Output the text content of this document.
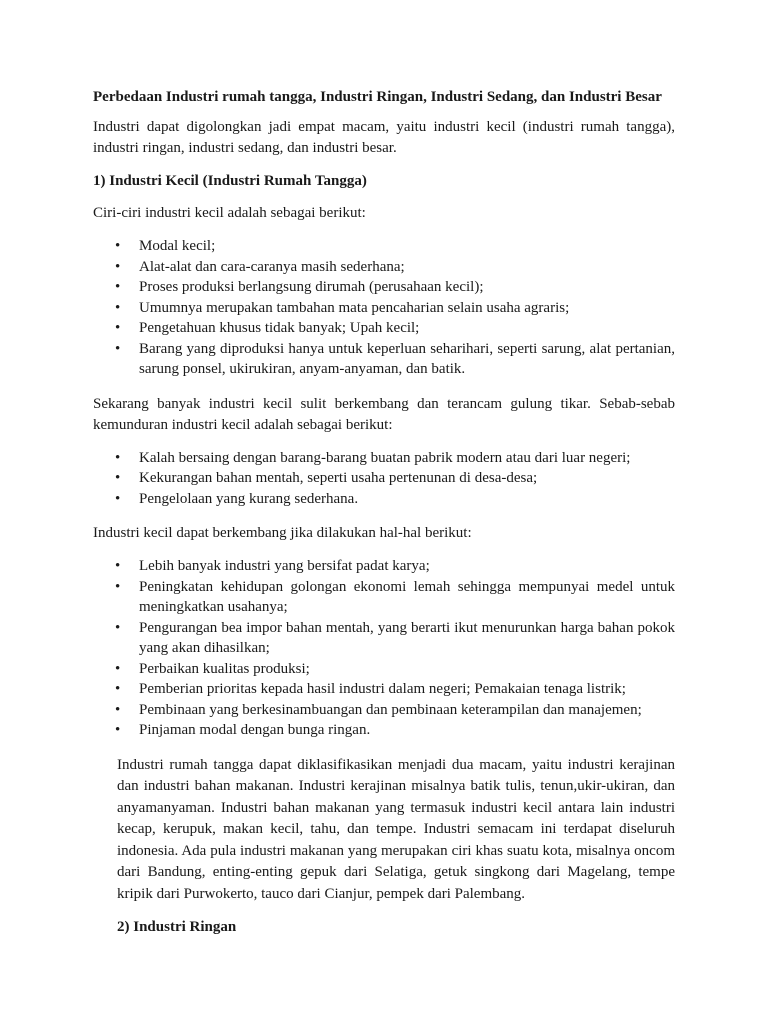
Perbedaan Industri rumah tangga, Industri Ringan, Industri Sedang, dan Industri Besar

Industri dapat digolongkan jadi empat macam, yaitu industri kecil (industri rumah tangga), industri ringan, industri sedang, dan industri besar.

1) Industri Kecil (Industri Rumah Tangga)

Ciri-ciri industri kecil adalah sebagai berikut:

• Modal kecil;
• Alat-alat dan cara-caranya masih sederhana;
• Proses produksi berlangsung dirumah (perusahaan kecil);
• Umumnya merupakan tambahan mata pencaharian selain usaha agraris;
• Pengetahuan khusus tidak banyak; Upah kecil;
• Barang yang diproduksi hanya untuk keperluan seharihari, seperti sarung, alat pertanian, sarung ponsel, ukirukiran, anyam-anyaman, dan batik.

Sekarang banyak industri kecil sulit berkembang dan terancam gulung tikar. Sebab-sebab kemunduran industri kecil adalah sebagai berikut:

• Kalah bersaing dengan barang-barang buatan pabrik modern atau dari luar negeri;
• Kekurangan bahan mentah, seperti usaha pertenunan di desa-desa;
• Pengelolaan yang kurang sederhana.

Industri kecil dapat berkembang jika dilakukan hal-hal berikut:

• Lebih banyak industri yang bersifat padat karya;
• Peningkatan kehidupan golongan ekonomi lemah sehingga mempunyai medel untuk meningkatkan usahanya;
• Pengurangan bea impor bahan mentah, yang berarti ikut menurunkan harga bahan pokok yang akan dihasilkan;
• Perbaikan kualitas produksi;
• Pemberian prioritas kepada hasil industri dalam negeri; Pemakaian tenaga listrik;
• Pembinaan yang berkesinambuangan dan pembinaan keterampilan dan manajemen;
• Pinjaman modal dengan bunga ringan.

Industri rumah tangga dapat diklasifikasikan menjadi dua macam, yaitu industri kerajinan dan industri bahan makanan. Industri kerajinan misalnya batik tulis, tenun,ukir-ukiran, dan anyamanyaman. Industri bahan makanan yang termasuk industri kecil antara lain industri kecap, kerupuk, makan kecil, tahu, dan tempe. Industri semacam ini terdapat diseluruh indonesia. Ada pula industri makanan yang merupakan ciri khas suatu kota, misalnya oncom dari Bandung, enting-enting gepuk dari Selatiga, getuk singkong dari Magelang, tempe kripik dari Purwokerto, tauco dari Cianjur, pempek dari Palembang.

2) Industri Ringan
